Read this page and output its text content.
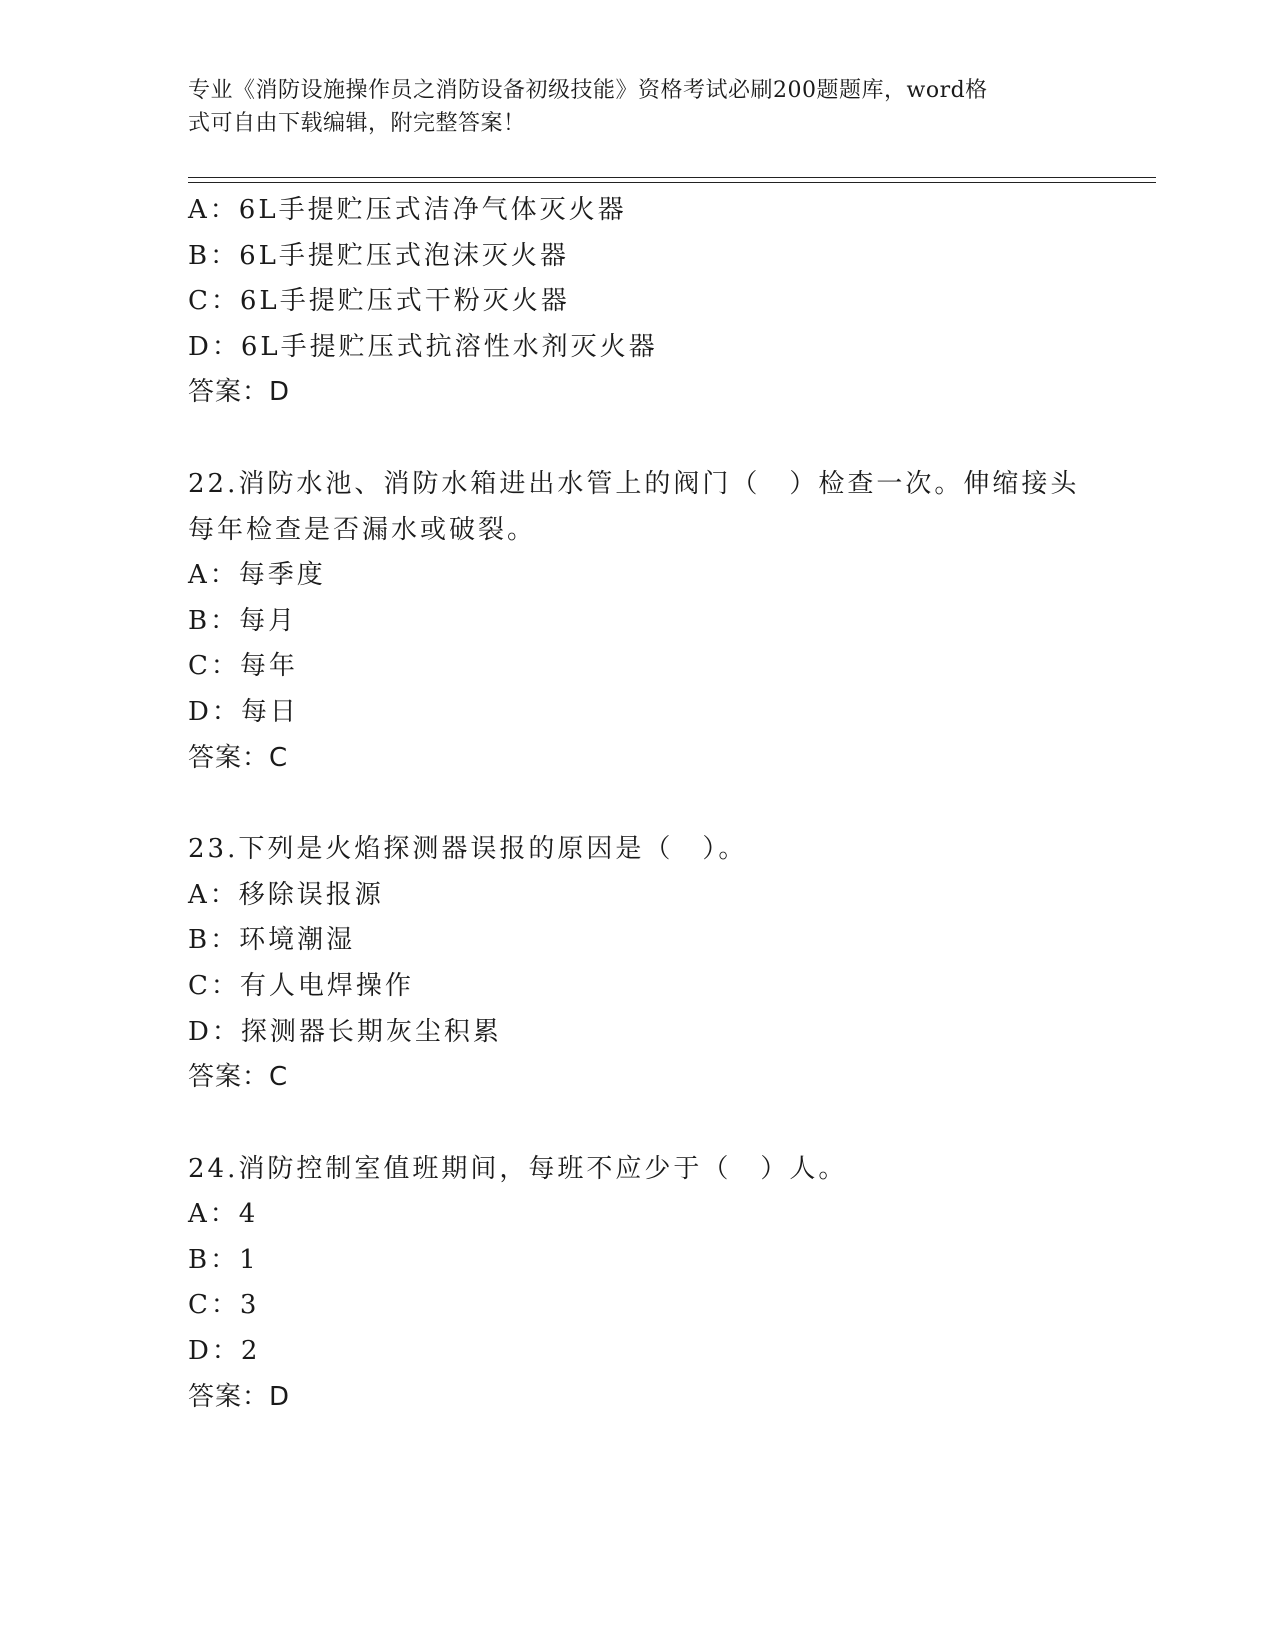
专业《消防设施操作员之消防设备初级技能》资格考试必刷200题题库，word格
式可自由下载编辑，附完整答案！

A：6L手提贮压式洁净气体灭火器

B：6L手提贮压式泡沫灭火器

C：6L手提贮压式干粉灭火器

D：6L手提贮压式抗溶性水剂灭火器

答案：D

22.消防水池、消防水箱进出水管上的阀门（　）检查一次。伸缩接头

每年检查是否漏水或破裂。

A：每季度

B：每月

C：每年

D：每日

答案：C

23.下列是火焰探测器误报的原因是（　）。

A：移除误报源

B：环境潮湿

C：有人电焊操作

D：探测器长期灰尘积累

答案：C

24.消防控制室值班期间，每班不应少于（　）人。

A：4

B：1

C：3

D：2

答案：D
